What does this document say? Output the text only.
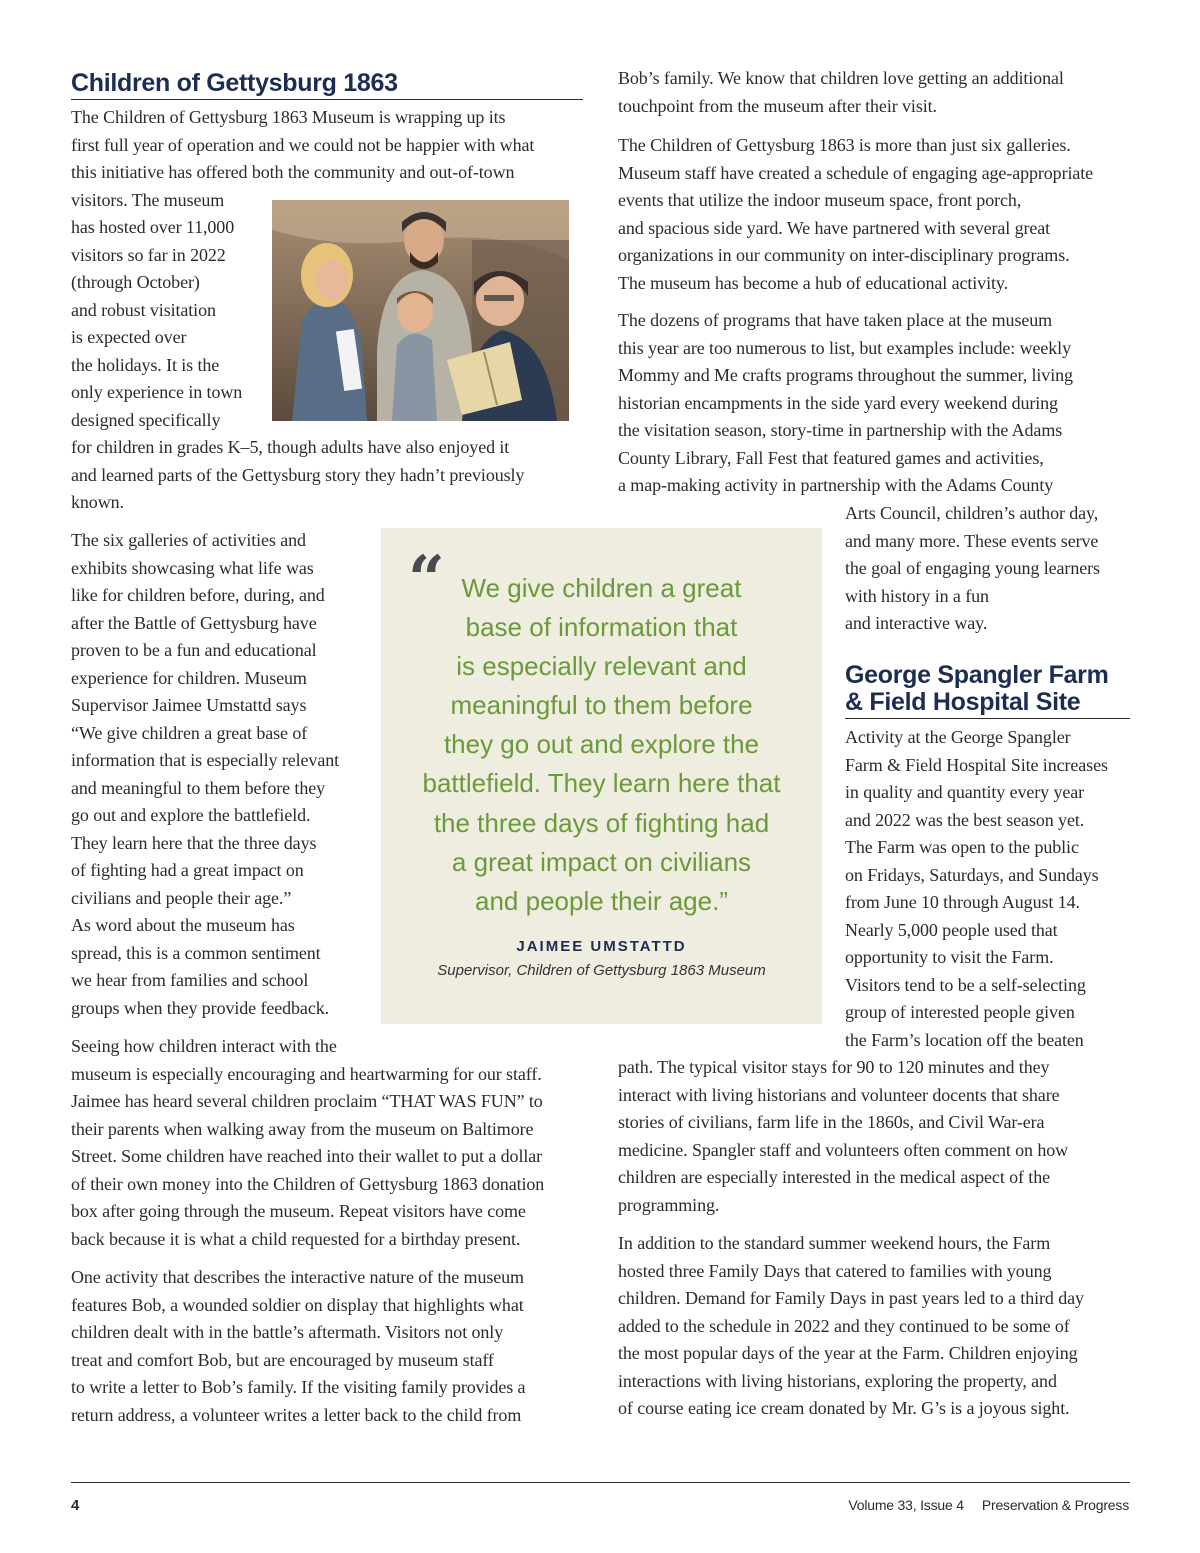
Children of Gettysburg 1863

The Children of Gettysburg 1863 Museum is wrapping up its
first full year of operation and we could not be happier with what
this initiative has offered both the community and out-of-town
visitors. The museum
has hosted over 11,000
visitors so far in 2022
(through October)
and robust visitation
is expected over
the holidays. It is the
only experience in town
designed specifically
for children in grades K–5, though adults have also enjoyed it
and learned parts of the Gettysburg story they hadn’t previously
known.

The six galleries of activities and
exhibits showcasing what life was
like for children before, during, and
after the Battle of Gettysburg have
proven to be a fun and educational
experience for children. Museum
Supervisor Jaimee Umstattd says
“We give children a great base of
information that is especially relevant
and meaningful to them before they
go out and explore the battlefield.
They learn here that the three days
of fighting had a great impact on
civilians and people their age.”
As word about the museum has
spread, this is a common sentiment
we hear from families and school
groups when they provide feedback.

“ We give children a great
base of information that
is especially relevant and
meaningful to them before
they go out and explore the
battlefield. They learn here that
the three days of fighting had
a great impact on civilians
and people their age.”

JAIMEE UMSTATTD

Supervisor, Children of Gettysburg 1863 Museum

Seeing how children interact with the
museum is especially encouraging and heartwarming for our staff.
Jaimee has heard several children proclaim “THAT WAS FUN” to
their parents when walking away from the museum on Baltimore
Street. Some children have reached into their wallet to put a dollar
of their own money into the Children of Gettysburg 1863 donation
box after going through the museum. Repeat visitors have come
back because it is what a child requested for a birthday present.

One activity that describes the interactive nature of the museum
features Bob, a wounded soldier on display that highlights what
children dealt with in the battle’s aftermath. Visitors not only
treat and comfort Bob, but are encouraged by museum staff
to write a letter to Bob’s family. If the visiting family provides a
return address, a volunteer writes a letter back to the child from

Bob’s family. We know that children love getting an additional
touchpoint from the museum after their visit.

The Children of Gettysburg 1863 is more than just six galleries.
Museum staff have created a schedule of engaging age-appropriate
events that utilize the indoor museum space, front porch,
and spacious side yard. We have partnered with several great
organizations in our community on inter-disciplinary programs.
The museum has become a hub of educational activity.

The dozens of programs that have taken place at the museum
this year are too numerous to list, but examples include: weekly
Mommy and Me crafts programs throughout the summer, living
historian encampments in the side yard every weekend during
the visitation season, story-time in partnership with the Adams
County Library, Fall Fest that featured games and activities,
a map-making activity in partnership with the Adams County

Arts Council, children’s author day,
and many more. These events serve
the goal of engaging young learners
with history in a fun
and interactive way.

George Spangler Farm
& Field Hospital Site

Activity at the George Spangler
Farm & Field Hospital Site increases
in quality and quantity every year
and 2022 was the best season yet.
The Farm was open to the public
on Fridays, Saturdays, and Sundays
from June 10 through August 14.
Nearly 5,000 people used that
opportunity to visit the Farm.
Visitors tend to be a self-selecting
group of interested people given
the Farm’s location off the beaten

path. The typical visitor stays for 90 to 120 minutes and they
interact with living historians and volunteer docents that share
stories of civilians, farm life in the 1860s, and Civil War-era
medicine. Spangler staff and volunteers often comment on how
children are especially interested in the medical aspect of the
programming.

In addition to the standard summer weekend hours, the Farm
hosted three Family Days that catered to families with young
children. Demand for Family Days in past years led to a third day
added to the schedule in 2022 and they continued to be some of
the most popular days of the year at the Farm. Children enjoying
interactions with living historians, exploring the property, and
of course eating ice cream donated by Mr. G’s is a joyous sight.

4	Volume 33, Issue 4 Preservation & Progress
